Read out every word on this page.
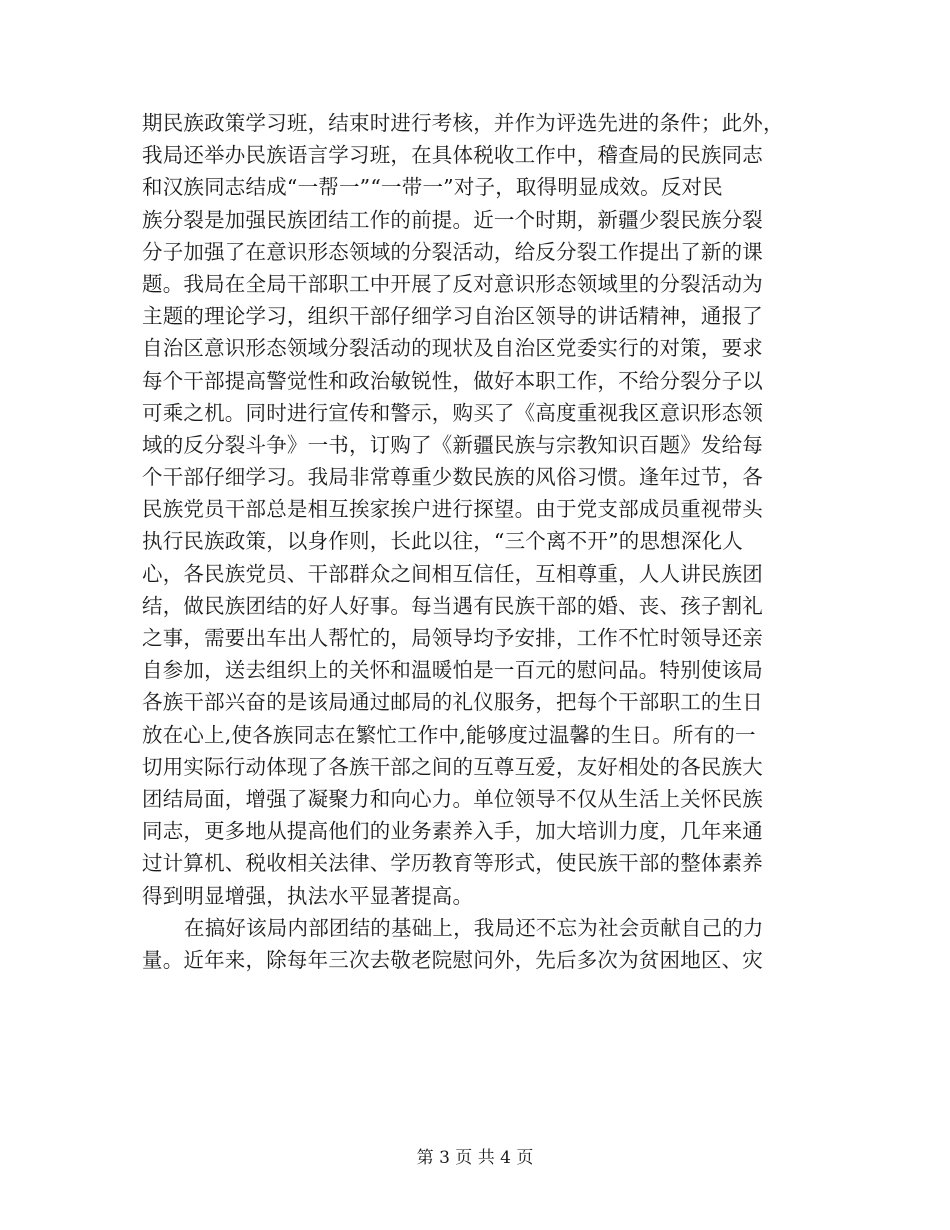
期民族政策学习班，结束时进行考核，并作为评选先进的条件；此外，
我局还举办民族语言学习班，在具体税收工作中，稽查局的民族同志
和汉族同志结成“一帮一”“一带一”对子，取得明显成效。反对民
族分裂是加强民族团结工作的前提。近一个时期，新疆少裂民族分裂
分子加强了在意识形态领域的分裂活动，给反分裂工作提出了新的课
题。我局在全局干部职工中开展了反对意识形态领域里的分裂活动为
主题的理论学习，组织干部仔细学习自治区领导的讲话精神，通报了
自治区意识形态领域分裂活动的现状及自治区党委实行的对策，要求
每个干部提高警觉性和政治敏锐性，做好本职工作，不给分裂分子以
可乘之机。同时进行宣传和警示，购买了《高度重视我区意识形态领
域的反分裂斗争》一书，订购了《新疆民族与宗教知识百题》发给每
个干部仔细学习。我局非常尊重少数民族的风俗习惯。逢年过节，各
民族党员干部总是相互挨家挨户进行探望。由于党支部成员重视带头
执行民族政策，以身作则，长此以往，“三个离不开”的思想深化人
心，各民族党员、干部群众之间相互信任，互相尊重，人人讲民族团
结，做民族团结的好人好事。每当遇有民族干部的婚、丧、孩子割礼
之事，需要出车出人帮忙的，局领导均予安排，工作不忙时领导还亲
自参加，送去组织上的关怀和温暖怕是一百元的慰问品。特别使该局
各族干部兴奋的是该局通过邮局的礼仪服务，把每个干部职工的生日
放在心上,使各族同志在繁忙工作中,能够度过温馨的生日。所有的一
切用实际行动体现了各族干部之间的互尊互爱，友好相处的各民族大
团结局面，增强了凝聚力和向心力。单位领导不仅从生活上关怀民族
同志，更多地从提高他们的业务素养入手，加大培训力度，几年来通
过计算机、税收相关法律、学历教育等形式，使民族干部的整体素养
得到明显增强，执法水平显著提高。
在搞好该局内部团结的基础上，我局还不忘为社会贡献自己的力
量。近年来，除每年三次去敬老院慰问外，先后多次为贫困地区、灾
第 3 页 共 4 页
